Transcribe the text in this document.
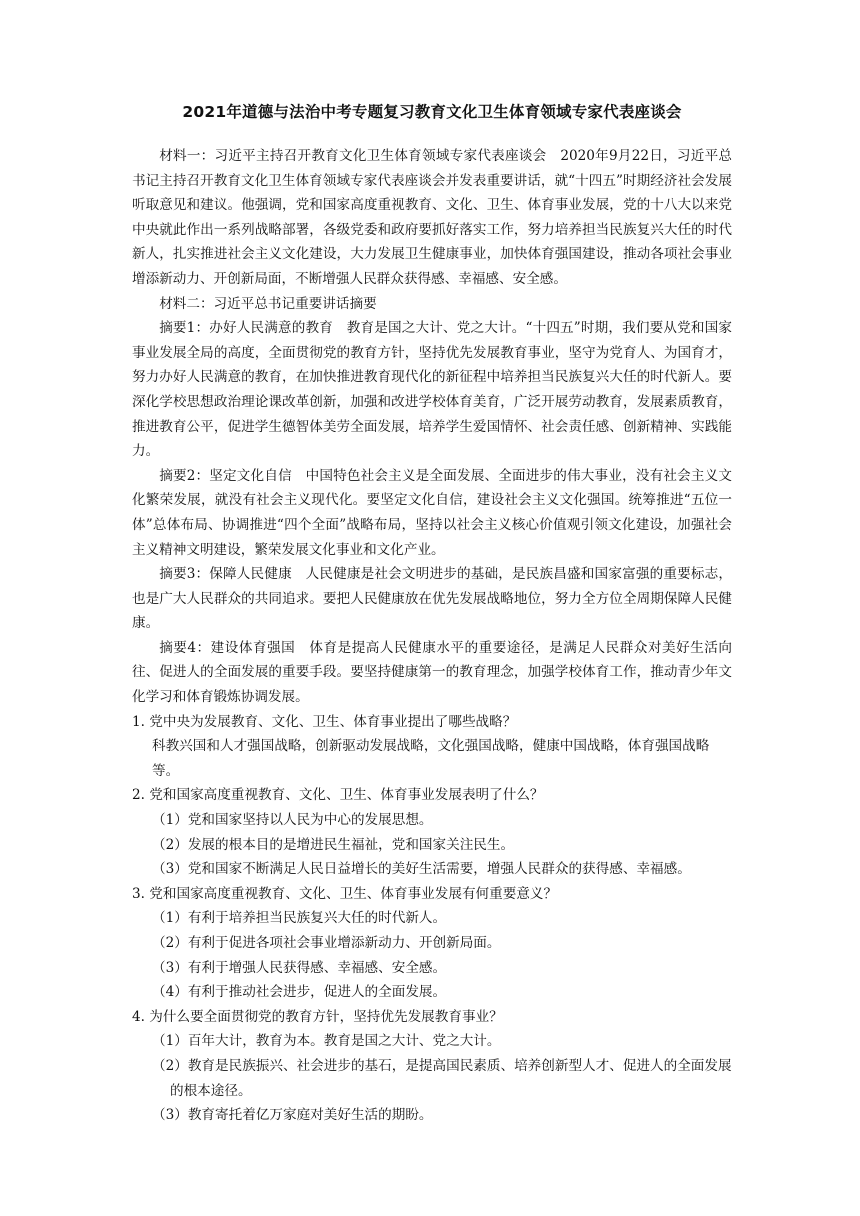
2021年道德与法治中考专题复习教育文化卫生体育领域专家代表座谈会

材料一：习近平主持召开教育文化卫生体育领域专家代表座谈会　2020年9月22日，习近平总书记主持召开教育文化卫生体育领域专家代表座谈会并发表重要讲话，就“十四五”时期经济社会发展听取意见和建议。他强调，党和国家高度重视教育、文化、卫生、体育事业发展，党的十八大以来党中央就此作出一系列战略部署，各级党委和政府要抓好落实工作，努力培养担当民族复兴大任的时代新人，扎实推进社会主义文化建设，大力发展卫生健康事业，加快体育强国建设，推动各项社会事业增添新动力、开创新局面，不断增强人民群众获得感、幸福感、安全感。

材料二：习近平总书记重要讲话摘要

摘要1：办好人民满意的教育　教育是国之大计、党之大计。“十四五”时期，我们要从党和国家事业发展全局的高度，全面贯彻党的教育方针，坚持优先发展教育事业，坚守为党育人、为国育才，努力办好人民满意的教育，在加快推进教育现代化的新征程中培养担当民族复兴大任的时代新人。要深化学校思想政治理论课改革创新，加强和改进学校体育美育，广泛开展劳动教育，发展素质教育，推进教育公平，促进学生德智体美劳全面发展，培养学生爱国情怀、社会责任感、创新精神、实践能力。

摘要2：坚定文化自信　中国特色社会主义是全面发展、全面进步的伟大事业，没有社会主义文化繁荣发展，就没有社会主义现代化。要坚定文化自信，建设社会主义文化强国。统筹推进“五位一体”总体布局、协调推进“四个全面”战略布局，坚持以社会主义核心价值观引领文化建设，加强社会主义精神文明建设，繁荣发展文化事业和文化产业。

摘要3：保障人民健康　人民健康是社会文明进步的基础，是民族昌盛和国家富强的重要标志，也是广大人民群众的共同追求。要把人民健康放在优先发展战略地位，努力全方位全周期保障人民健康。

摘要4：建设体育强国　体育是提高人民健康水平的重要途径，是满足人民群众对美好生活向往、促进人的全面发展的重要手段。要坚持健康第一的教育理念，加强学校体育工作，推动青少年文化学习和体育锻炼协调发展。

1. 党中央为发展教育、文化、卫生、体育事业提出了哪些战略？

科教兴国和人才强国战略，创新驱动发展战略，文化强国战略，健康中国战略，体育强国战略等。

2. 党和国家高度重视教育、文化、卫生、体育事业发展表明了什么？

（1）党和国家坚持以人民为中心的发展思想。

（2）发展的根本目的是增进民生福祉，党和国家关注民生。

（3）党和国家不断满足人民日益增长的美好生活需要，增强人民群众的获得感、幸福感。

3. 党和国家高度重视教育、文化、卫生、体育事业发展有何重要意义？

（1）有利于培养担当民族复兴大任的时代新人。

（2）有利于促进各项社会事业增添新动力、开创新局面。

（3）有利于增强人民获得感、幸福感、安全感。

（4）有利于推动社会进步，促进人的全面发展。

4. 为什么要全面贯彻党的教育方针，坚持优先发展教育事业？

（1）百年大计，教育为本。教育是国之大计、党之大计。

（2）教育是民族振兴、社会进步的基石，是提高国民素质、培养创新型人才、促进人的全面发展的根本途径。

（3）教育寄托着亿万家庭对美好生活的期盼。
